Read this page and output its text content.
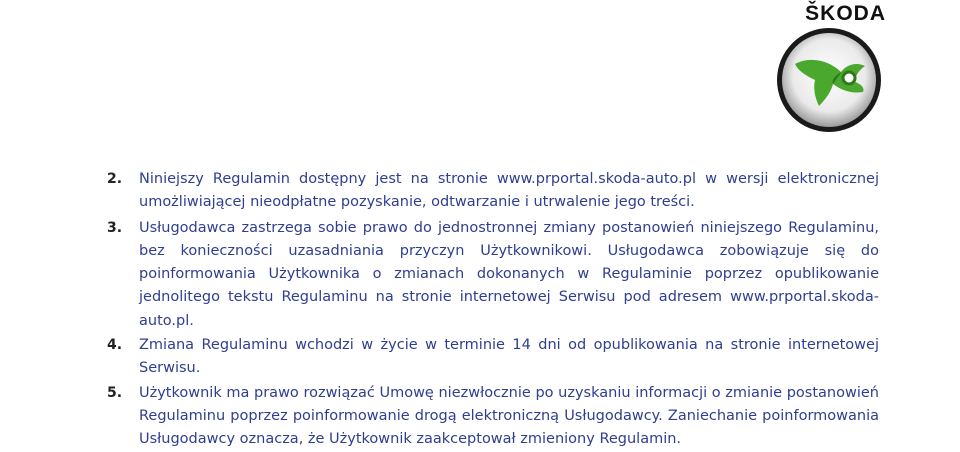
ŠKODA
2. Niniejszy Regulamin dostępny jest na stronie www.prportal.skoda-auto.pl w wersji elektronicznej umożliwiającej nieodpłatne pozyskanie, odtwarzanie i utrwalenie jego treści.
3. Usługodawca zastrzega sobie prawo do jednostronnej zmiany postanowień niniejszego Regulaminu, bez konieczności uzasadniania przyczyn Użytkownikowi. Usługodawca zobowiązuje się do poinformowania Użytkownika o zmianach dokonanych w Regulaminie poprzez opublikowanie jednolitego tekstu Regulaminu na stronie internetowej Serwisu pod adresem www.prportal.skoda-auto.pl.
4. Zmiana Regulaminu wchodzi w życie w terminie 14 dni od opublikowania na stronie internetowej Serwisu.
5. Użytkownik ma prawo rozwiązać Umowę niezwłocznie po uzyskaniu informacji o zmianie postanowień Regulaminu poprzez poinformowanie drogą elektroniczną Usługodawcy. Zaniechanie poinformowania Usługodawcy oznacza, że Użytkownik zaakceptował zmieniony Regulamin.
